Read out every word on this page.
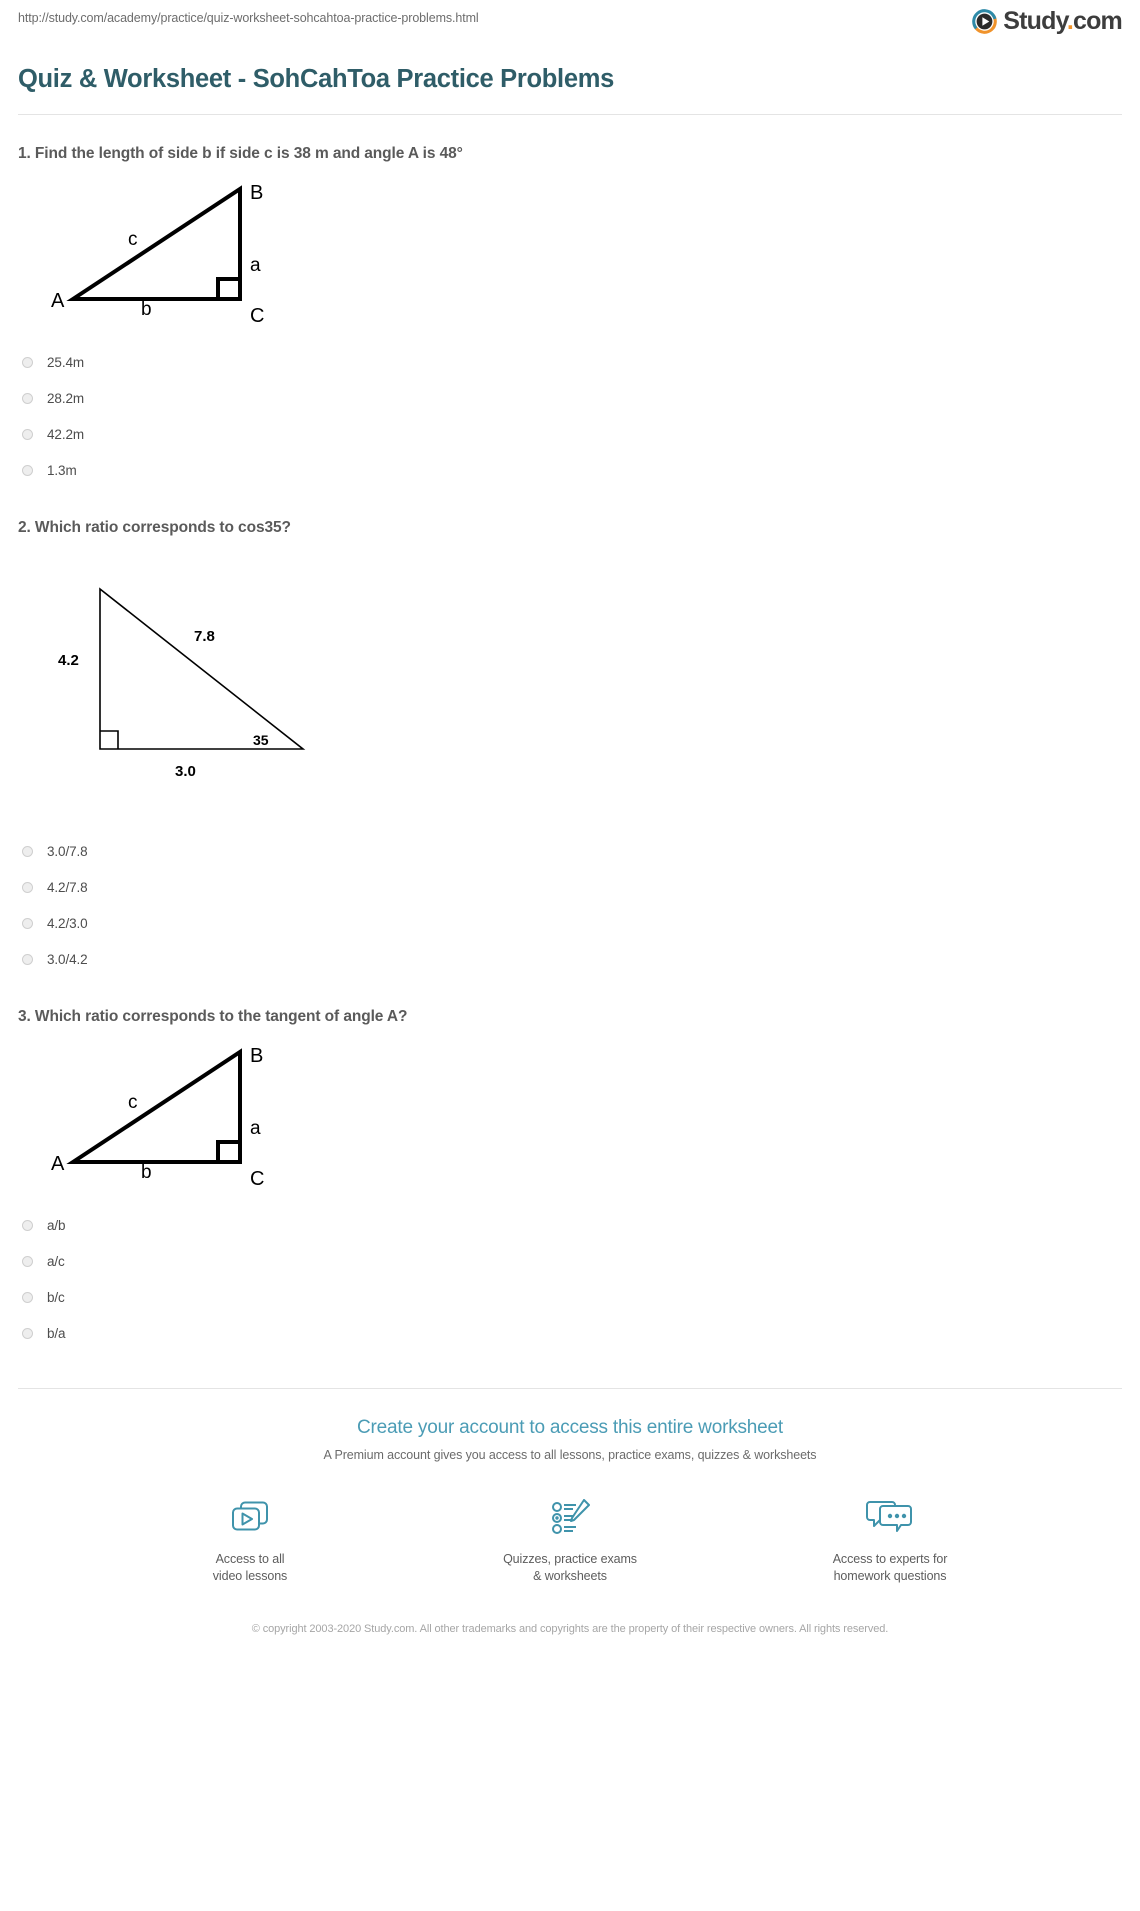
http://study.com/academy/practice/quiz-worksheet-sohcahtoa-practice-problems.html	Study.com
Quiz & Worksheet - SohCahToa Practice Problems
1. Find the length of side b if side c is 38 m and angle A is 48°
B
a
C
c
A	b
25.4m
28.2m
42.2m
1.3m
2. Which ratio corresponds to cos35?
4.2
7.8
3.0
35
3.0/7.8
4.2/7.8
4.2/3.0
3.0/4.2
3. Which ratio corresponds to the tangent of angle A?
B
a
C
c
A	b
a/b
a/c
b/c
b/a
Create your account to access this entire worksheet
A Premium account gives you access to all lessons, practice exams, quizzes & worksheets
Access to all
video lessons
Quizzes, practice exams
& worksheets
Access to experts for
homework questions
© copyright 2003-2020 Study.com. All other trademarks and copyrights are the property of their respective owners. All rights reserved.
